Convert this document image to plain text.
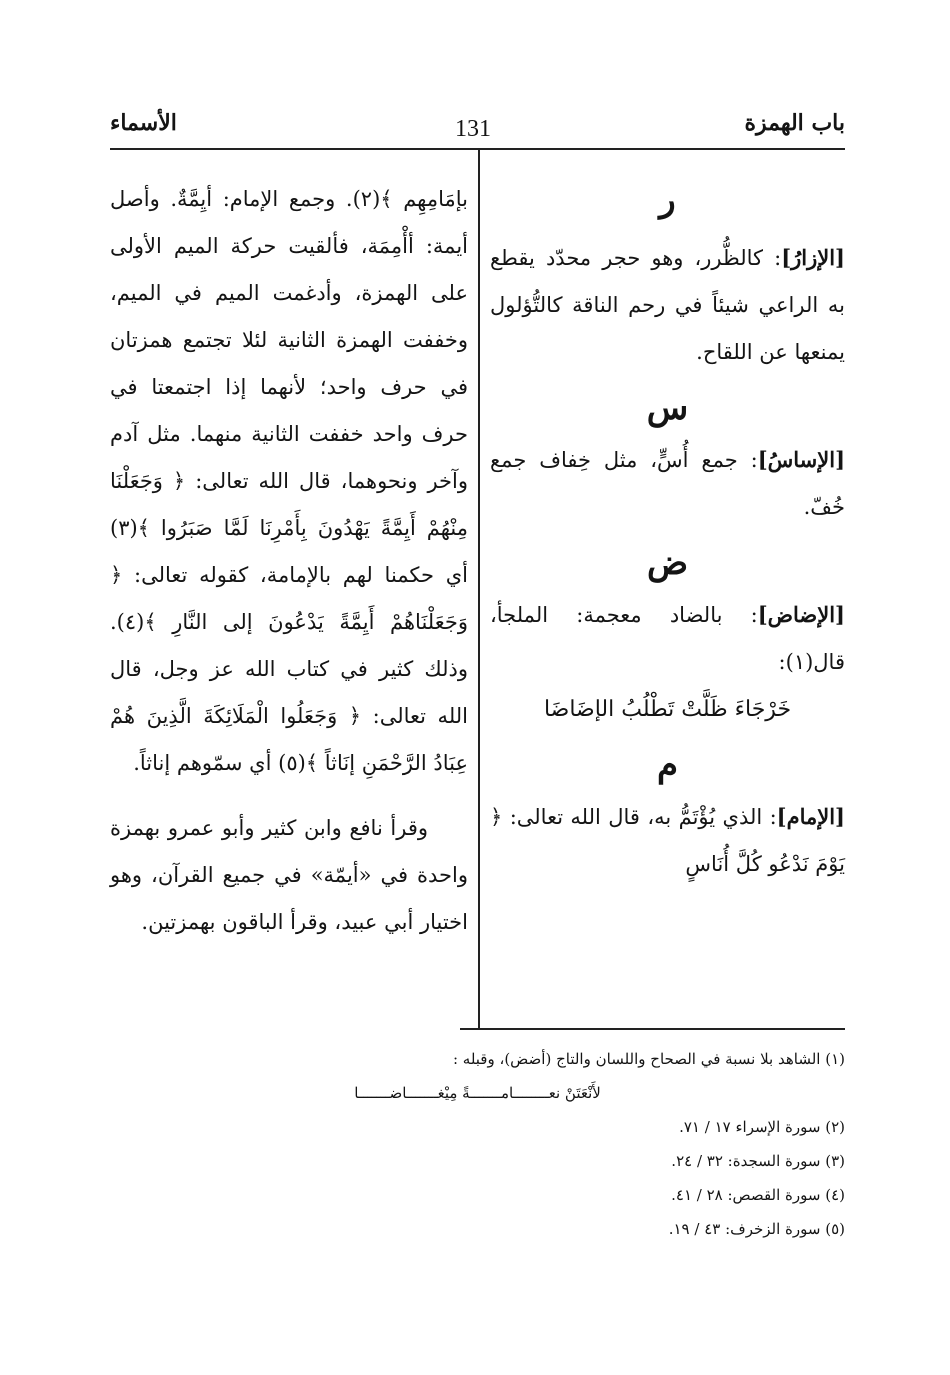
باب الهمزة
131
الأسماء
ر

[الإزارُ]: كالظُّرر، وهو حجر محدّد يقطع به الراعي شيئاً في رحم الناقة كالتُّؤلول يمنعها عن اللقاح.

س

[الإساسُ]: جمع أُسٍّ، مثل خِفاف جمع خُفّ.

ض

[الإضاض]: بالضاد معجمة: الملجأ، قال(١):

خَرْجَاءَ ظَلَّتْ تَطْلُبُ الإضَاضَا

م

[الإمام]: الذي يُؤْتَمُّ به، قال الله تعالى: ﴿ يَوْمَ نَدْعُو كُلَّ أُنَاسٍ

بإمَامِهِم ﴾(٢). وجمع الإمام: أيِمَّةٌ. وأصل أيمة: أأْمِمَة، فألقيت حركة الميم الأولى على الهمزة، وأدغمت الميم في الميم، وخففت الهمزة الثانية لئلا تجتمع همزتان في حرف واحد؛ لأنهما إذا اجتمعتا في حرف واحد خففت الثانية منهما. مثل آدم وآخر ونحوهما، قال الله تعالى: ﴿ وَجَعَلْنَا مِنْهُمْ أَيِمَّةً يَهْدُونَ بِأَمْرِنَا لَمَّا صَبَرُوا ﴾(٣) أي حكمنا لهم بالإمامة، كقوله تعالى: ﴿ وَجَعَلْنَاهُمْ أَيِمَّةً يَدْعُونَ إلى النَّارِ ﴾(٤). وذلك كثير في كتاب الله عز وجل، قال الله تعالى: ﴿ وَجَعَلُوا الْمَلَائِكَةَ الَّذِينَ هُمْ عِبَادُ الرَّحْمَنِ إنَاثاً ﴾(٥) أي سمّوهم إناثاً.

وقرأ نافع وابن كثير وأبو عمرو بهمزة واحدة في «أيمّة» في جميع القرآن، وهو اختيار أبي عبيد، وقرأ الباقون بهمزتين.

(١) الشاهد بلا نسبة في الصحاح واللسان والتاج (أضض)، وقبله :

لأَنْعَتَنْ نعــــــــامـــــــةً مِيْغـــــــاضـــــــا

(٢) سورة الإسراء ١٧ / ٧١.

(٣) سورة السجدة: ٣٢ / ٢٤.

(٤) سورة القصص: ٢٨ / ٤١.

(٥) سورة الزخرف: ٤٣ / ١٩.
